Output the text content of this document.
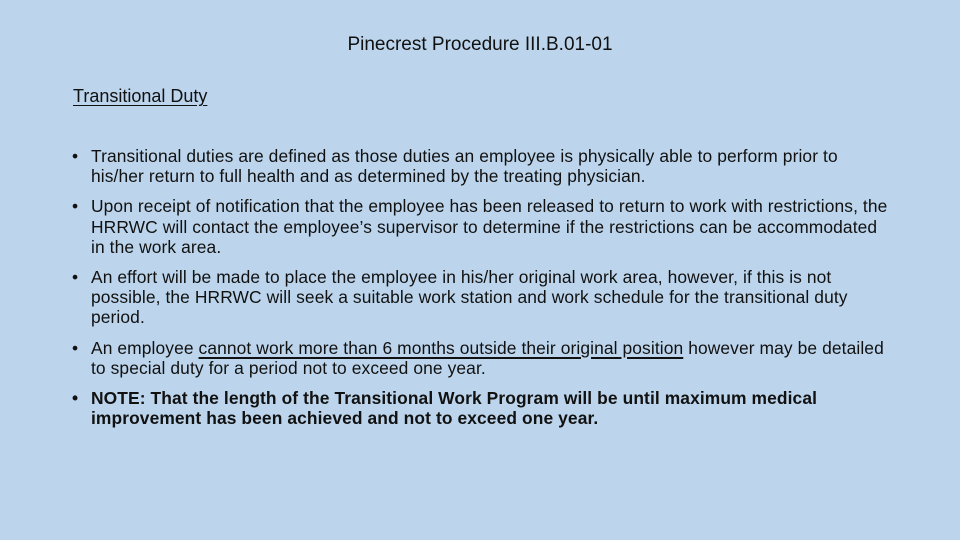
Pinecrest Procedure III.B.01-01
Transitional Duty
• Transitional duties are defined as those duties an employee is physically able to perform prior to his/her return to full health and as determined by the treating physician.
• Upon receipt of notification that the employee has been released to return to work with restrictions, the HRRWC will contact the employee’s supervisor to determine if the restrictions can be accommodated in the work area.
• An effort will be made to place the employee in his/her original work area, however, if this is not possible, the HRRWC will seek a suitable work station and work schedule for the transitional duty period.
• An employee cannot work more than 6 months outside their original position however may be detailed to special duty for a period not to exceed one year.
• NOTE: That the length of the Transitional Work Program will be until maximum medical improvement has been achieved and not to exceed one year.
